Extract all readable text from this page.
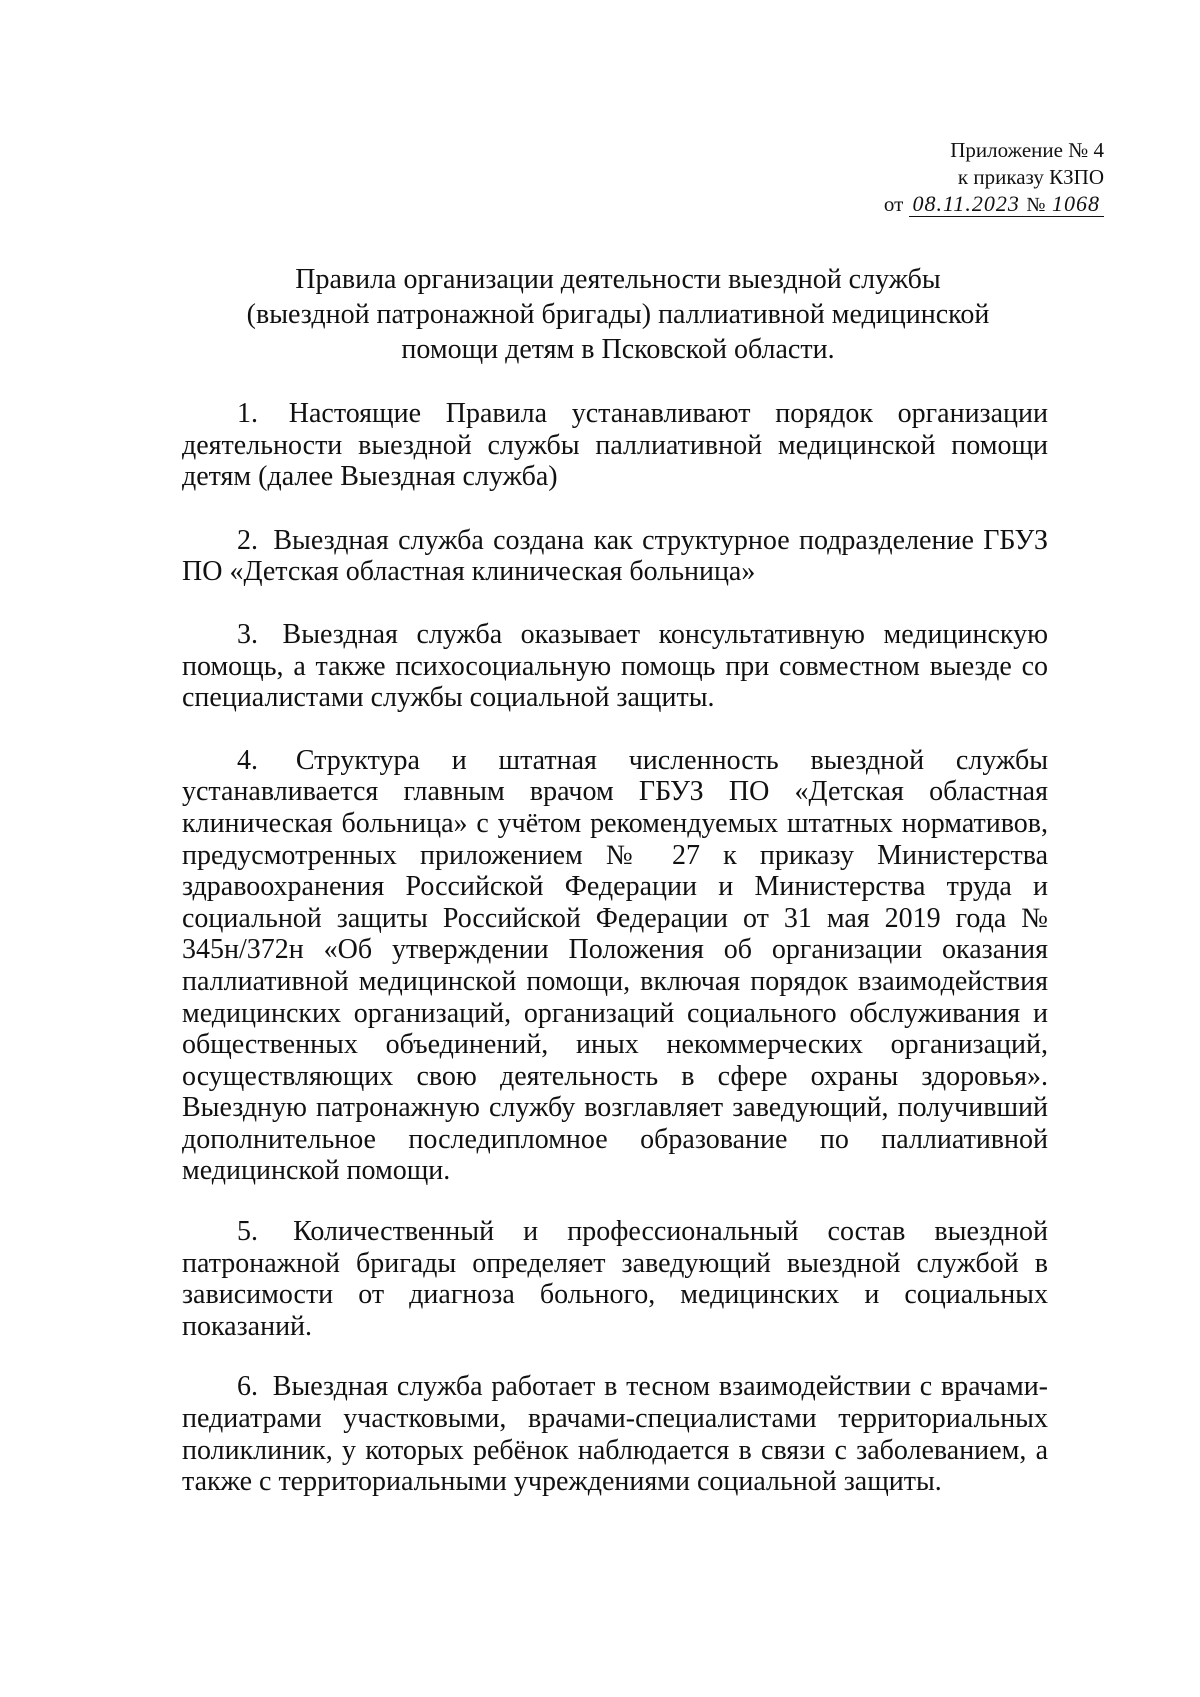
Приложение № 4
к приказу КЗПО
от 08.11.2023 № 1068
Правила организации деятельности выездной службы
(выездной патронажной бригады) паллиативной медицинской
помощи детям в Псковской области.

1. Настоящие Правила устанавливают порядок организации деятельности выездной службы паллиативной медицинской помощи детям (далее Выездная служба)

2. Выездная служба создана как структурное подразделение ГБУЗ ПО «Детская областная клиническая больница»

3. Выездная служба оказывает консультативную медицинскую помощь, а также психосоциальную помощь при совместном выезде со специалистами службы социальной защиты.

4. Структура и штатная численность выездной службы устанавливается главным врачом ГБУЗ ПО «Детская областная клиническая больница» с учётом рекомендуемых штатных нормативов, предусмотренных приложением № 27 к приказу Министерства здравоохранения Российской Федерации и Министерства труда и социальной защиты Российской Федерации от 31 мая 2019 года № 345н/372н «Об утверждении Положения об организации оказания паллиативной медицинской помощи, включая порядок взаимодействия медицинских организаций, организаций социального обслуживания и общественных объединений, иных некоммерческих организаций, осуществляющих свою деятельность в сфере охраны здоровья». Выездную патронажную службу возглавляет заведующий, получивший дополнительное последипломное образование по паллиативной медицинской помощи.

5. Количественный и профессиональный состав выездной патронажной бригады определяет заведующий выездной службой в зависимости от диагноза больного, медицинских и социальных показаний.

6. Выездная служба работает в тесном взаимодействии с врачами-педиатрами участковыми, врачами-специалистами территориальных поликлиник, у которых ребёнок наблюдается в связи с заболеванием, а также с территориальными учреждениями социальной защиты.
